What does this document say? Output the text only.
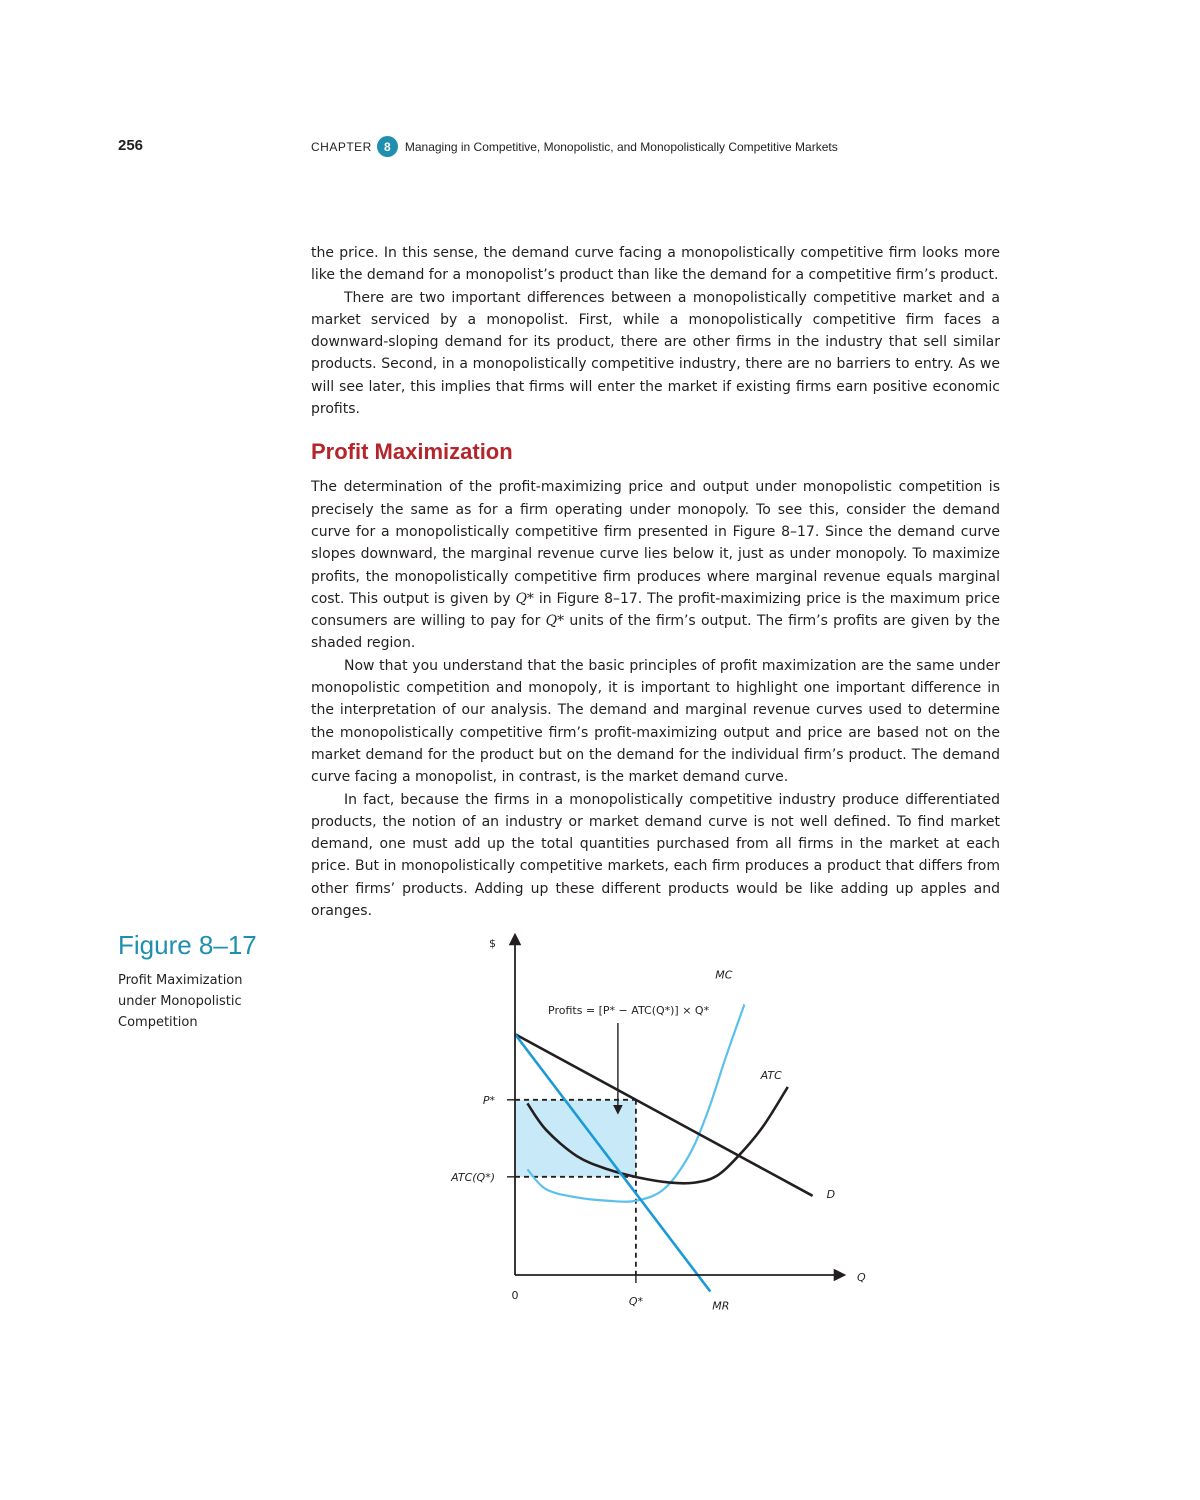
256	CHAPTER	8	Managing in Competitive, Monopolistic, and Monopolistically Competitive Markets

the price. In this sense, the demand curve facing a monopolistically competitive firm looks more like the demand for a monopolist’s product than like the demand for a competitive firm’s product.

There are two important differences between a monopolistically competitive market and a market serviced by a monopolist. First, while a monopolistically competitive firm faces a downward-sloping demand for its product, there are other firms in the industry that sell similar products. Second, in a monopolistically competitive industry, there are no barriers to entry. As we will see later, this implies that firms will enter the market if existing firms earn positive economic profits.

Profit Maximization

The determination of the profit-maximizing price and output under monopolistic competition is precisely the same as for a firm operating under monopoly. To see this, consider the demand curve for a monopolistically competitive firm presented in Figure 8–17. Since the demand curve slopes downward, the marginal revenue curve lies below it, just as under monopoly. To maximize profits, the monopolistically competitive firm produces where marginal revenue equals marginal cost. This output is given by Q* in Figure 8–17. The profit-maximizing price is the maximum price consumers are willing to pay for Q* units of the firm’s output. The firm’s profits are given by the shaded region.

Now that you understand that the basic principles of profit maximization are the same under monopolistic competition and monopoly, it is important to highlight one important difference in the interpretation of our analysis. The demand and marginal revenue curves used to determine the monopolistically competitive firm’s profit-maximizing output and price are based not on the market demand for the product but on the demand for the individual firm’s product. The demand curve facing a monopolist, in contrast, is the market demand curve.

In fact, because the firms in a monopolistically competitive industry produce differentiated products, the notion of an industry or market demand curve is not well defined. To find market demand, one must add up the total quantities purchased from all firms in the market at each price. But in monopolistically competitive markets, each firm produces a product that differs from other firms’ products. Adding up these different products would be like adding up apples and oranges.

Figure 8–17
Profit Maximization under Monopolistic Competition
$
Q
0
P*
ATC(Q*)
Q*
Profits = [P* − ATC(Q*)] × Q*
MC
ATC
D
MR
